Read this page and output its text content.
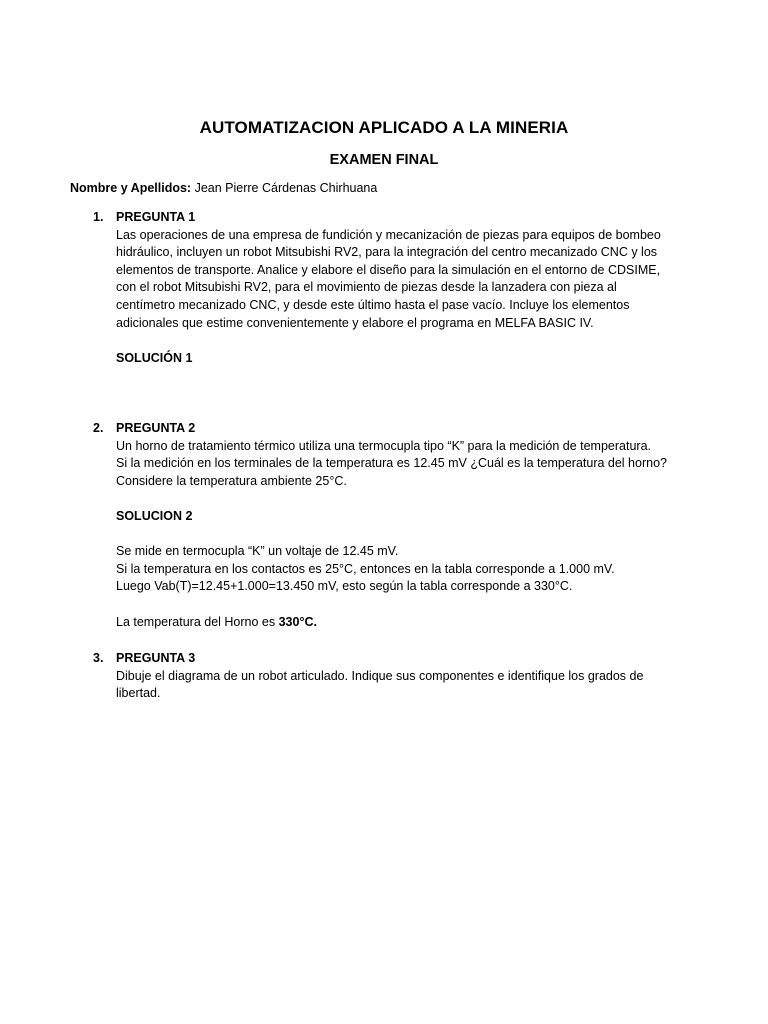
AUTOMATIZACION APLICADO A LA MINERIA
EXAMEN FINAL
Nombre y Apellidos: Jean Pierre Cárdenas Chirhuana
1. PREGUNTA 1
Las operaciones de una empresa de fundición y mecanización de piezas para equipos de bombeo
hidráulico, incluyen un robot Mitsubishi RV2, para la integración del centro mecanizado CNC y los
elementos de transporte. Analice y elabore el diseño para la simulación en el entorno de CDSIME,
con el robot Mitsubishi RV2, para el movimiento de piezas desde la lanzadera con pieza al
centímetro mecanizado CNC, y desde este último hasta el pase vacío. Incluye los elementos
adicionales que estime convenientemente y elabore el programa en MELFA BASIC IV.
SOLUCIÓN 1
2. PREGUNTA 2
Un horno de tratamiento térmico utiliza una termocupla tipo “K” para la medición de temperatura.
Si la medición en los terminales de la temperatura es 12.45 mV ¿Cuál es la temperatura del horno?
Considere la temperatura ambiente 25°C.
SOLUCION 2
Se mide en termocupla “K” un voltaje de 12.45 mV.
Si la temperatura en los contactos es 25°C, entonces en la tabla corresponde a 1.000 mV.
Luego Vab(T)=12.45+1.000=13.450 mV, esto según la tabla corresponde a 330°C.
La temperatura del Horno es 330°C.
3. PREGUNTA 3
Dibuje el diagrama de un robot articulado. Indique sus componentes e identifique los grados de
libertad.
